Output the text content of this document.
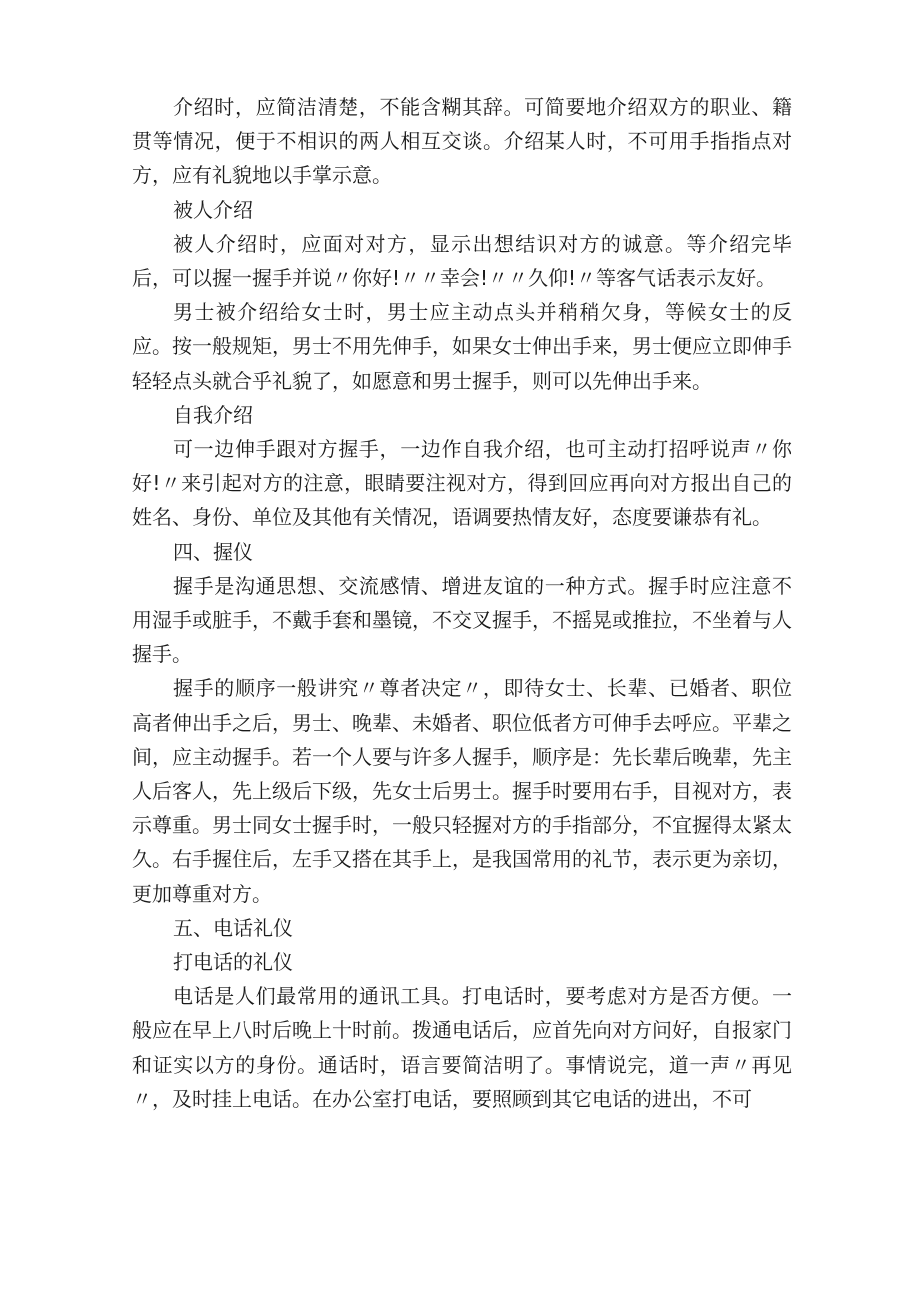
介绍时，应简洁清楚，不能含糊其辞。可简要地介绍双方的职业、籍贯等情况，便于不相识的两人相互交谈。介绍某人时，不可用手指指点对方，应有礼貌地以手掌示意。

被人介绍

被人介绍时，应面对对方，显示出想结识对方的诚意。等介绍完毕后，可以握一握手并说〃你好!〃〃幸会!〃〃久仰!〃等客气话表示友好。

男士被介绍给女士时，男士应主动点头并稍稍欠身，等候女士的反应。按一般规矩，男士不用先伸手，如果女士伸出手来，男士便应立即伸手轻轻点头就合乎礼貌了，如愿意和男士握手，则可以先伸出手来。

自我介绍

可一边伸手跟对方握手，一边作自我介绍，也可主动打招呼说声〃你好!〃来引起对方的注意，眼睛要注视对方，得到回应再向对方报出自己的姓名、身份、单位及其他有关情况，语调要热情友好，态度要谦恭有礼。

四、握仪

握手是沟通思想、交流感情、增进友谊的一种方式。握手时应注意不用湿手或脏手，不戴手套和墨镜，不交叉握手，不摇晃或推拉，不坐着与人握手。

握手的顺序一般讲究〃尊者决定〃，即待女士、长辈、已婚者、职位高者伸出手之后，男士、晚辈、未婚者、职位低者方可伸手去呼应。平辈之间，应主动握手。若一个人要与许多人握手，顺序是：先长辈后晚辈，先主人后客人，先上级后下级，先女士后男士。握手时要用右手，目视对方，表示尊重。男士同女士握手时，一般只轻握对方的手指部分，不宜握得太紧太久。右手握住后，左手又搭在其手上，是我国常用的礼节，表示更为亲切，更加尊重对方。

五、电话礼仪

打电话的礼仪

电话是人们最常用的通讯工具。打电话时，要考虑对方是否方便。一般应在早上八时后晚上十时前。拨通电话后，应首先向对方问好，自报家门和证实以方的身份。通话时，语言要简洁明了。事情说完，道一声〃再见〃，及时挂上电话。在办公室打电话，要照顾到其它电话的进出，不可
